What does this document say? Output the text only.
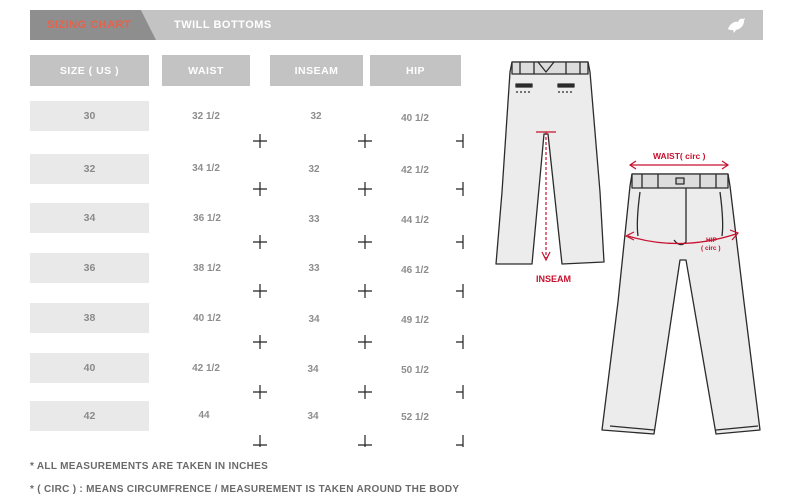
SIZING CHART	TWILL BOTTOMS
SIZE ( US )	WAIST	INSEAM	HIP
30	32 1/2	32	40 1/2
32	34 1/2	32	42 1/2
34	36 1/2	33	44 1/2
36	38 1/2	33	46 1/2
38	40 1/2	34	49 1/2
40	42 1/2	34	50 1/2
42	44	34	52 1/2
INSEAM
WAIST( circ )
HIP
( circ )
* ALL MEASUREMENTS ARE TAKEN IN INCHES
* ( CIRC ) : MEANS CIRCUMFRENCE / MEASUREMENT IS TAKEN AROUND THE BODY
